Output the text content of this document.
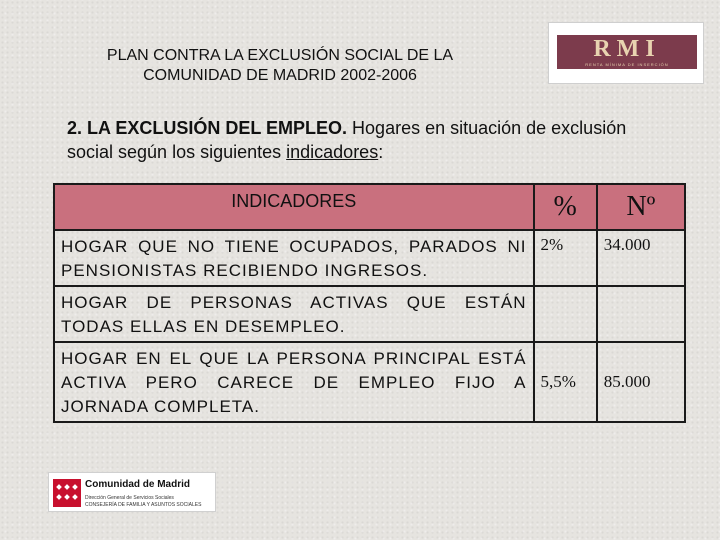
PLAN CONTRA LA EXCLUSIÓN SOCIAL DE LA
COMUNIDAD DE MADRID 2002-2006
RMI
RENTA MÍNIMA DE INSERCIÓN
2. LA EXCLUSIÓN DEL EMPLEO. Hogares en situación de exclusión social según los siguientes indicadores:
INDICADORES	%	Nº
HOGAR QUE NO TIENE OCUPADOS, PARADOS NI PENSIONISTAS RECIBIENDO INGRESOS.	2%	34.000
HOGAR DE PERSONAS ACTIVAS QUE ESTÁN TODAS ELLAS EN DESEMPLEO.		
HOGAR EN EL QUE LA PERSONA PRINCIPAL ESTÁ ACTIVA PERO CARECE DE EMPLEO FIJO A JORNADA COMPLETA.	5,5%	85.000
Comunidad de Madrid
Dirección General de Servicios Sociales
CONSEJERÍA DE FAMILIA Y ASUNTOS SOCIALES
